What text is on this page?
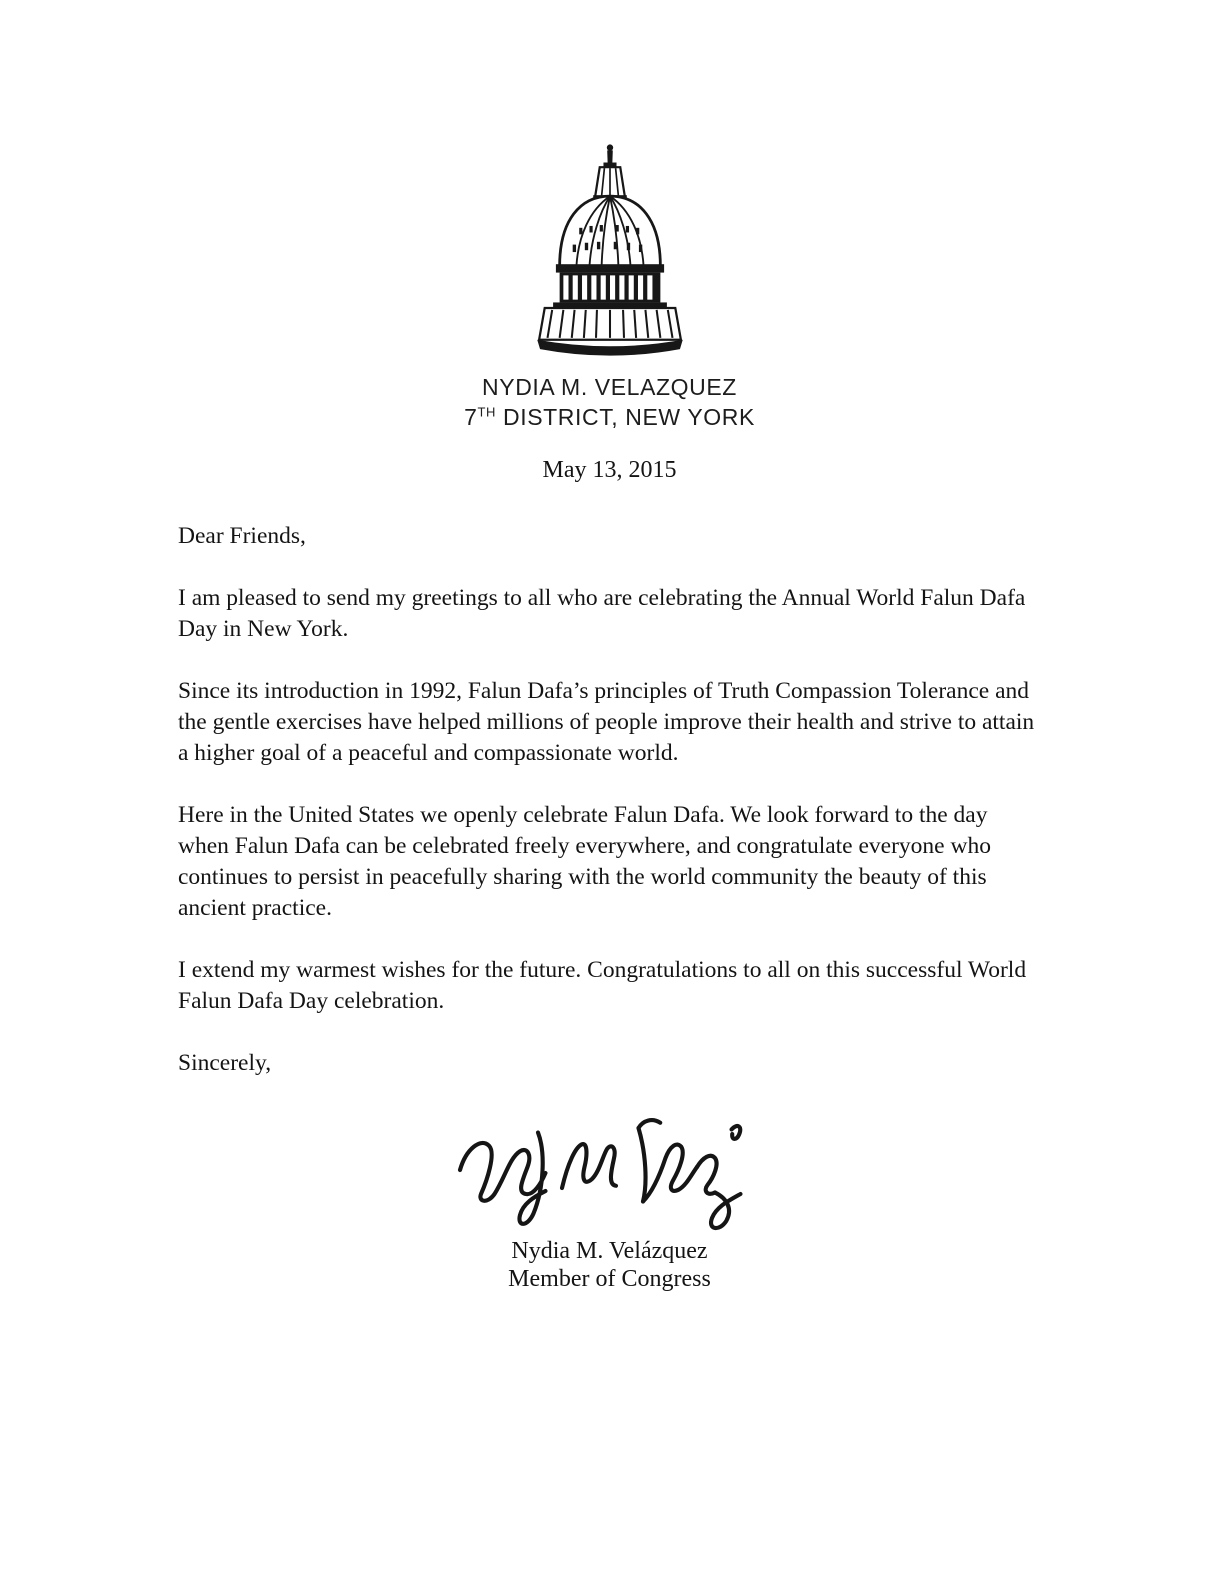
NYDIA M. VELAZQUEZ
7TH DISTRICT, NEW YORK
May 13, 2015

Dear Friends,

I am pleased to send my greetings to all who are celebrating the Annual World Falun Dafa Day in New York.

Since its introduction in 1992, Falun Dafa’s principles of Truth Compassion Tolerance and the gentle exercises have helped millions of people improve their health and strive to attain a higher goal of a peaceful and compassionate world.

Here in the United States we openly celebrate Falun Dafa. We look forward to the day when Falun Dafa can be celebrated freely everywhere, and congratulate everyone who continues to persist in peacefully sharing with the world community the beauty of this ancient practice.

I extend my warmest wishes for the future. Congratulations to all on this successful World Falun Dafa Day celebration.

Sincerely,

Nydia M. Velázquez
Member of Congress
